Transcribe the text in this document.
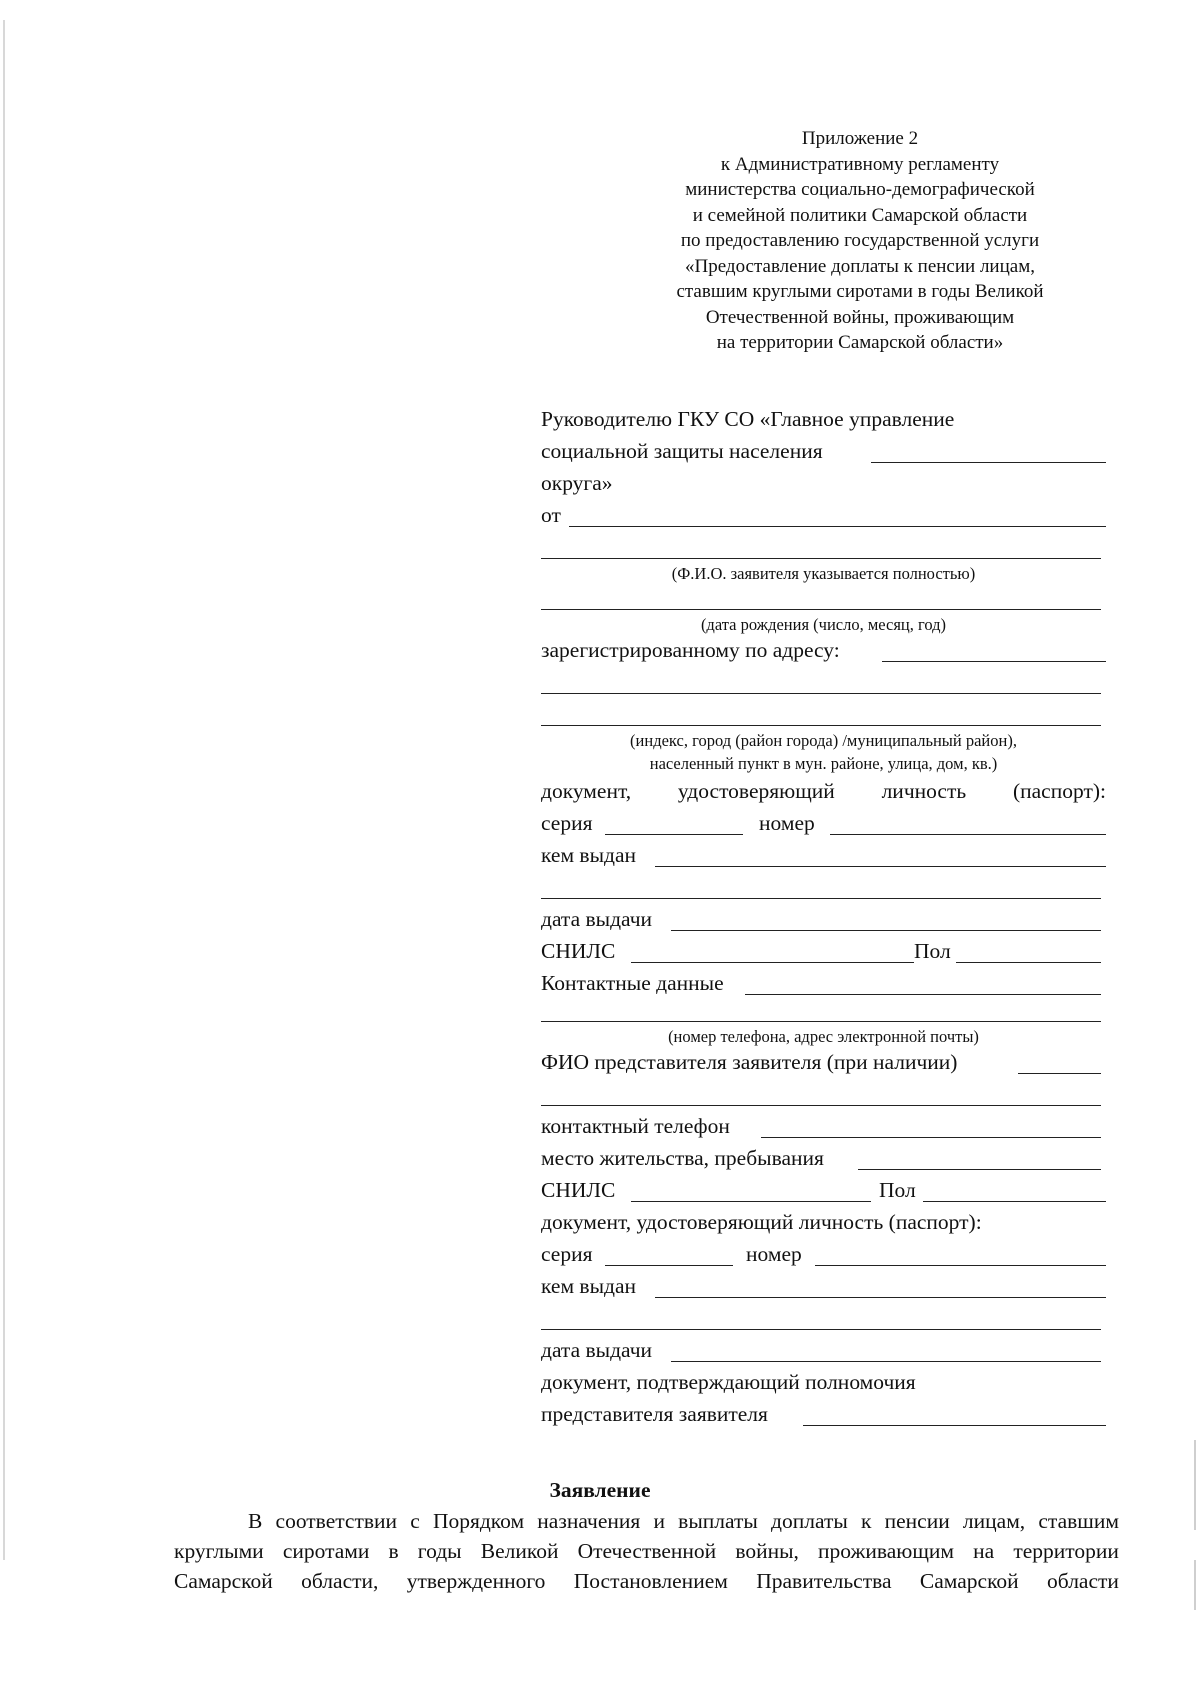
Приложение 2
к Административному регламенту
министерства социально-демографической
и семейной политики Самарской области
по предоставлению государственной услуги
«Предоставление доплаты к пенсии лицам,
ставшим круглыми сиротами в годы Великой
Отечественной войны, проживающим
на территории Самарской области»
Руководителю ГКУ СО «Главное управление
социальной защиты населения
округа»
от
(Ф.И.О. заявителя указывается полностью)
(дата рождения (число, месяц, год)
зарегистрированному по адресу:
(индекс, город (район города) /муниципальный район),
населенный пункт в мун. районе, улица, дом, кв.)
документ, удостоверяющий личность (паспорт):
серия	номер
кем выдан
дата выдачи
СНИЛС	Пол
Контактные данные
(номер телефона, адрес электронной почты)
ФИО представителя заявителя (при наличии)
контактный телефон
место жительства, пребывания
СНИЛС	Пол
документ, удостоверяющий личность (паспорт):
серия	номер
кем выдан
дата выдачи
документ, подтверждающий полномочия
представителя заявителя
Заявление
В соответствии с Порядком назначения и выплаты доплаты к пенсии лицам, ставшим
круглыми сиротами в годы Великой Отечественной войны, проживающим на территории
Самарской области, утвержденного Постановлением Правительства Самарской области
